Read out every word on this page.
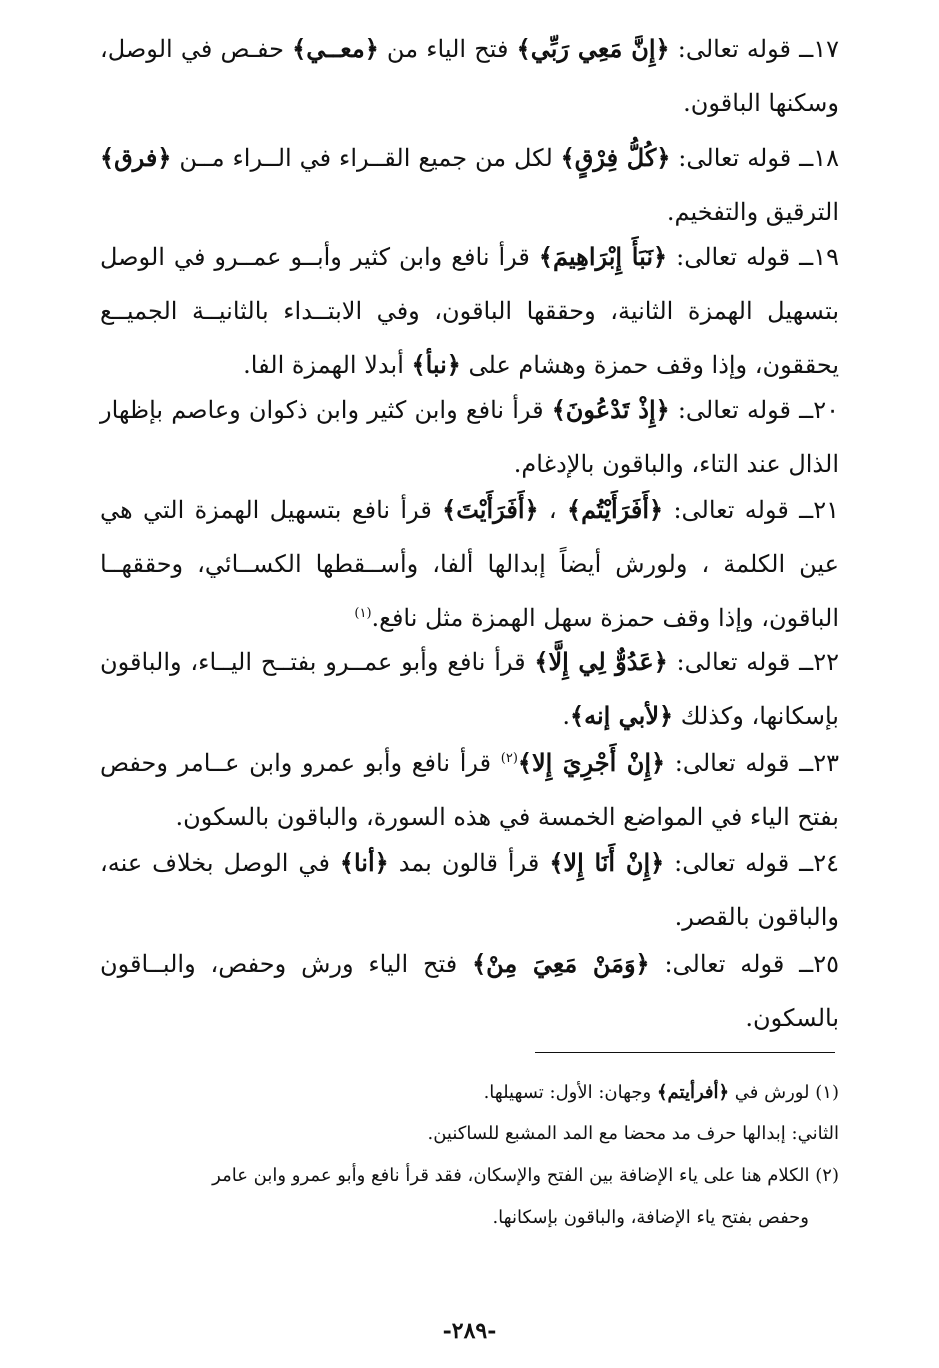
١٧ــ قوله تعالى: ﴿إِنَّ مَعِي رَبِّي﴾ فتح الياء من ﴿معــي﴾ حفـص في الوصل، وسكنها الباقون.
١٨ــ قوله تعالى: ﴿كُلُّ فِرْقٍ﴾ لكل من جميع القــراء في الــراء مــن ﴿فرق﴾ الترقيق والتفخيم.
١٩ــ قوله تعالى: ﴿نَبَأَ إِبْرَاهِيمَ﴾ قرأ نافع وابن كثير وأبــو عمــرو في الوصل بتسهيل الهمزة الثانية، وحققها الباقون، وفي الابتــداء بالثانيــة الجميــع يحققون، وإذا وقف حمزة وهشام على ﴿نبأ﴾ أبدلا الهمزة الفا.
٢٠ــ قوله تعالى: ﴿إِذْ تَدْعُونَ﴾ قرأ نافع وابن كثير وابن ذكوان وعاصم بإظهار الذال عند التاء، والباقون بالإدغام.
٢١ــ قوله تعالى: ﴿أَفَرَأَيْتُم﴾ ، ﴿أَفَرَأَيْتَ﴾ قرأ نافع بتسهيل الهمزة التي هي عين الكلمة ، ولورش أيضاً إبدالها ألفا، وأســقطها الكســائي، وحققهــا الباقون، وإذا وقف حمزة سهل الهمزة مثل نافع.$^{(١)}$
٢٢ــ قوله تعالى: ﴿عَدُوٌّ لِي إِلَّا﴾ قرأ نافع وأبو عمــرو بفتــح اليــاء، والباقون بإسكانها، وكذلك ﴿لأبي إنه﴾.
٢٣ــ قوله تعالى: ﴿إِنْ أَجْرِيَ إِلا﴾$^{(٢)}$ قرأ نافع وأبو عمرو وابن عــامر وحفص بفتح الياء في المواضع الخمسة في هذه السورة، والباقون بالسكون.
٢٤ــ قوله تعالى: ﴿إِنْ أَنَا إِلا﴾ قرأ قالون بمد ﴿أنا﴾ في الوصل بخلاف عنه، والباقون بالقصر.
٢٥ــ قوله تعالى: ﴿وَمَنْ مَعِيَ مِنْ﴾ فتح الياء ورش وحفص، والبــاقون بالسكون.
(١) لورش في ﴿أفرأيتم﴾ وجهان: الأول: تسهيلها.
الثاني: إبدالها حرف مد محضا مع المد المشبع للساكنين.
(٢) الكلام هنا على ياء الإضافة بين الفتح والإسكان، فقد قرأ نافع وأبو عمرو وابن عامر
وحفص بفتح ياء الإضافة، والباقون بإسكانها.
-٢٨٩-
